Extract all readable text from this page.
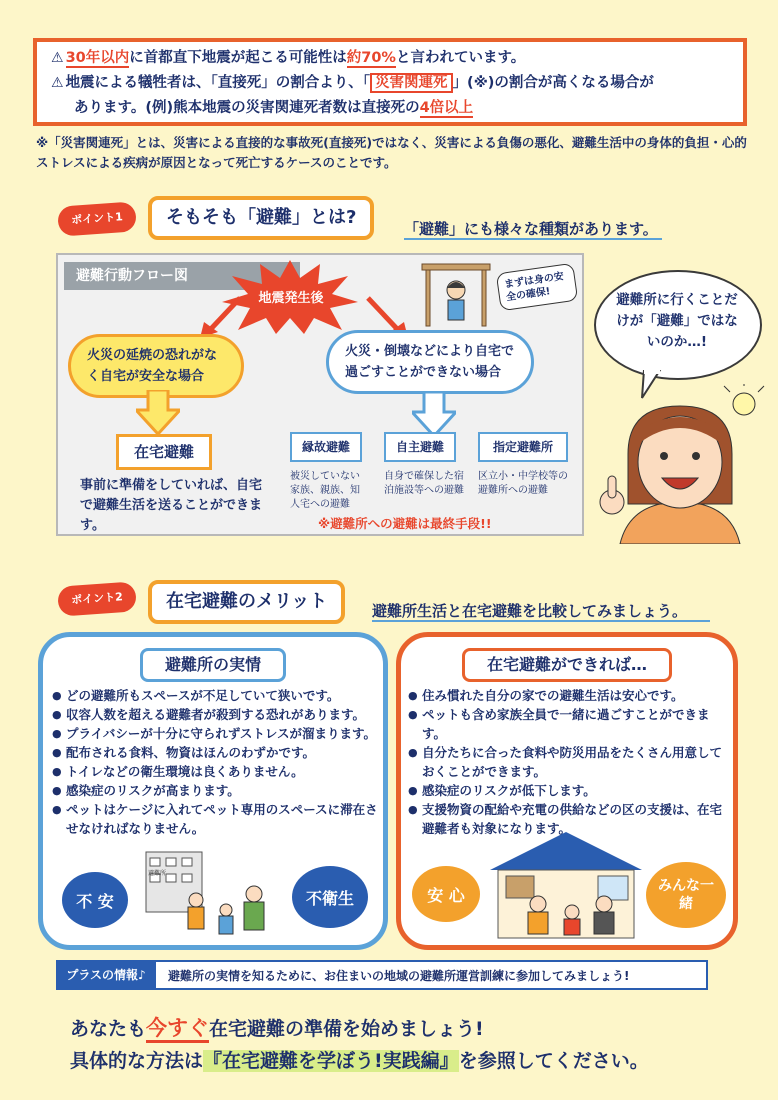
⚠ 30年以内に首都直下地震が起こる可能性は約70%と言われています。
⚠ 地震による犠牲者は、「直接死」の割合より、「 災害関連死 」(※)の割合が高くなる場合が
あります。(例)熊本地震の災害関連死者数は直接死の4倍以上
※「災害関連死」とは、災害による直接的な事故死(直接死)ではなく、災害による負傷の悪化、避難生活中の身体的負担・心的ストレスによる疾病が原因となって死亡するケースのことです。
ポイント1	そもそも「避難」とは?
「避難」にも様々な種類があります。
避難行動フロー図
地震発生後
まずは身の安全の確保!
火災の延焼の恐れがなく自宅が安全な場合
火災・倒壊などにより自宅で過ごすことができない場合
在宅避難
事前に準備をしていれば、自宅で避難生活を送ることができます。
縁故避難
被災していない家族、親族、知人宅への避難
自主避難
自身で確保した宿泊施設等への避難
指定避難所
区立小・中学校等の避難所への避難
※避難所への避難は最終手段!!
避難所に行くことだけが「避難」ではないのか…!
ポイント2	在宅避難のメリット	避難所生活と在宅避難を比較してみましょう。
避難所の実情
● どの避難所もスペースが不足していて狭いです。
● 収容人数を超える避難者が殺到する恐れがあります。
● プライバシーが十分に守られずストレスが溜まります。
● 配布される食料、物資はほんのわずかです。
● トイレなどの衛生環境は良くありません。
● 感染症のリスクが高まります。
● ペットはケージに入れてペット専用のスペースに滞在させなければなりません。
不 安	不衛生
避難所
在宅避難ができれば…
● 住み慣れた自分の家での避難生活は安心です。
● ペットも含め家族全員で一緒に過ごすことができます。
● 自分たちに合った食料や防災用品をたくさん用意しておくことができます。
● 感染症のリスクが低下します。
● 支援物資の配給や充電の供給などの区の支援は、在宅避難者も対象になります。
安 心	みんな一緒
プラスの情報♪	避難所の実情を知るために、お住まいの地域の避難所運営訓練に参加してみましょう!
あなたも今すぐ在宅避難の準備を始めましょう!
具体的な方法は『在宅避難を学ぼう!実践編』を参照してください。
